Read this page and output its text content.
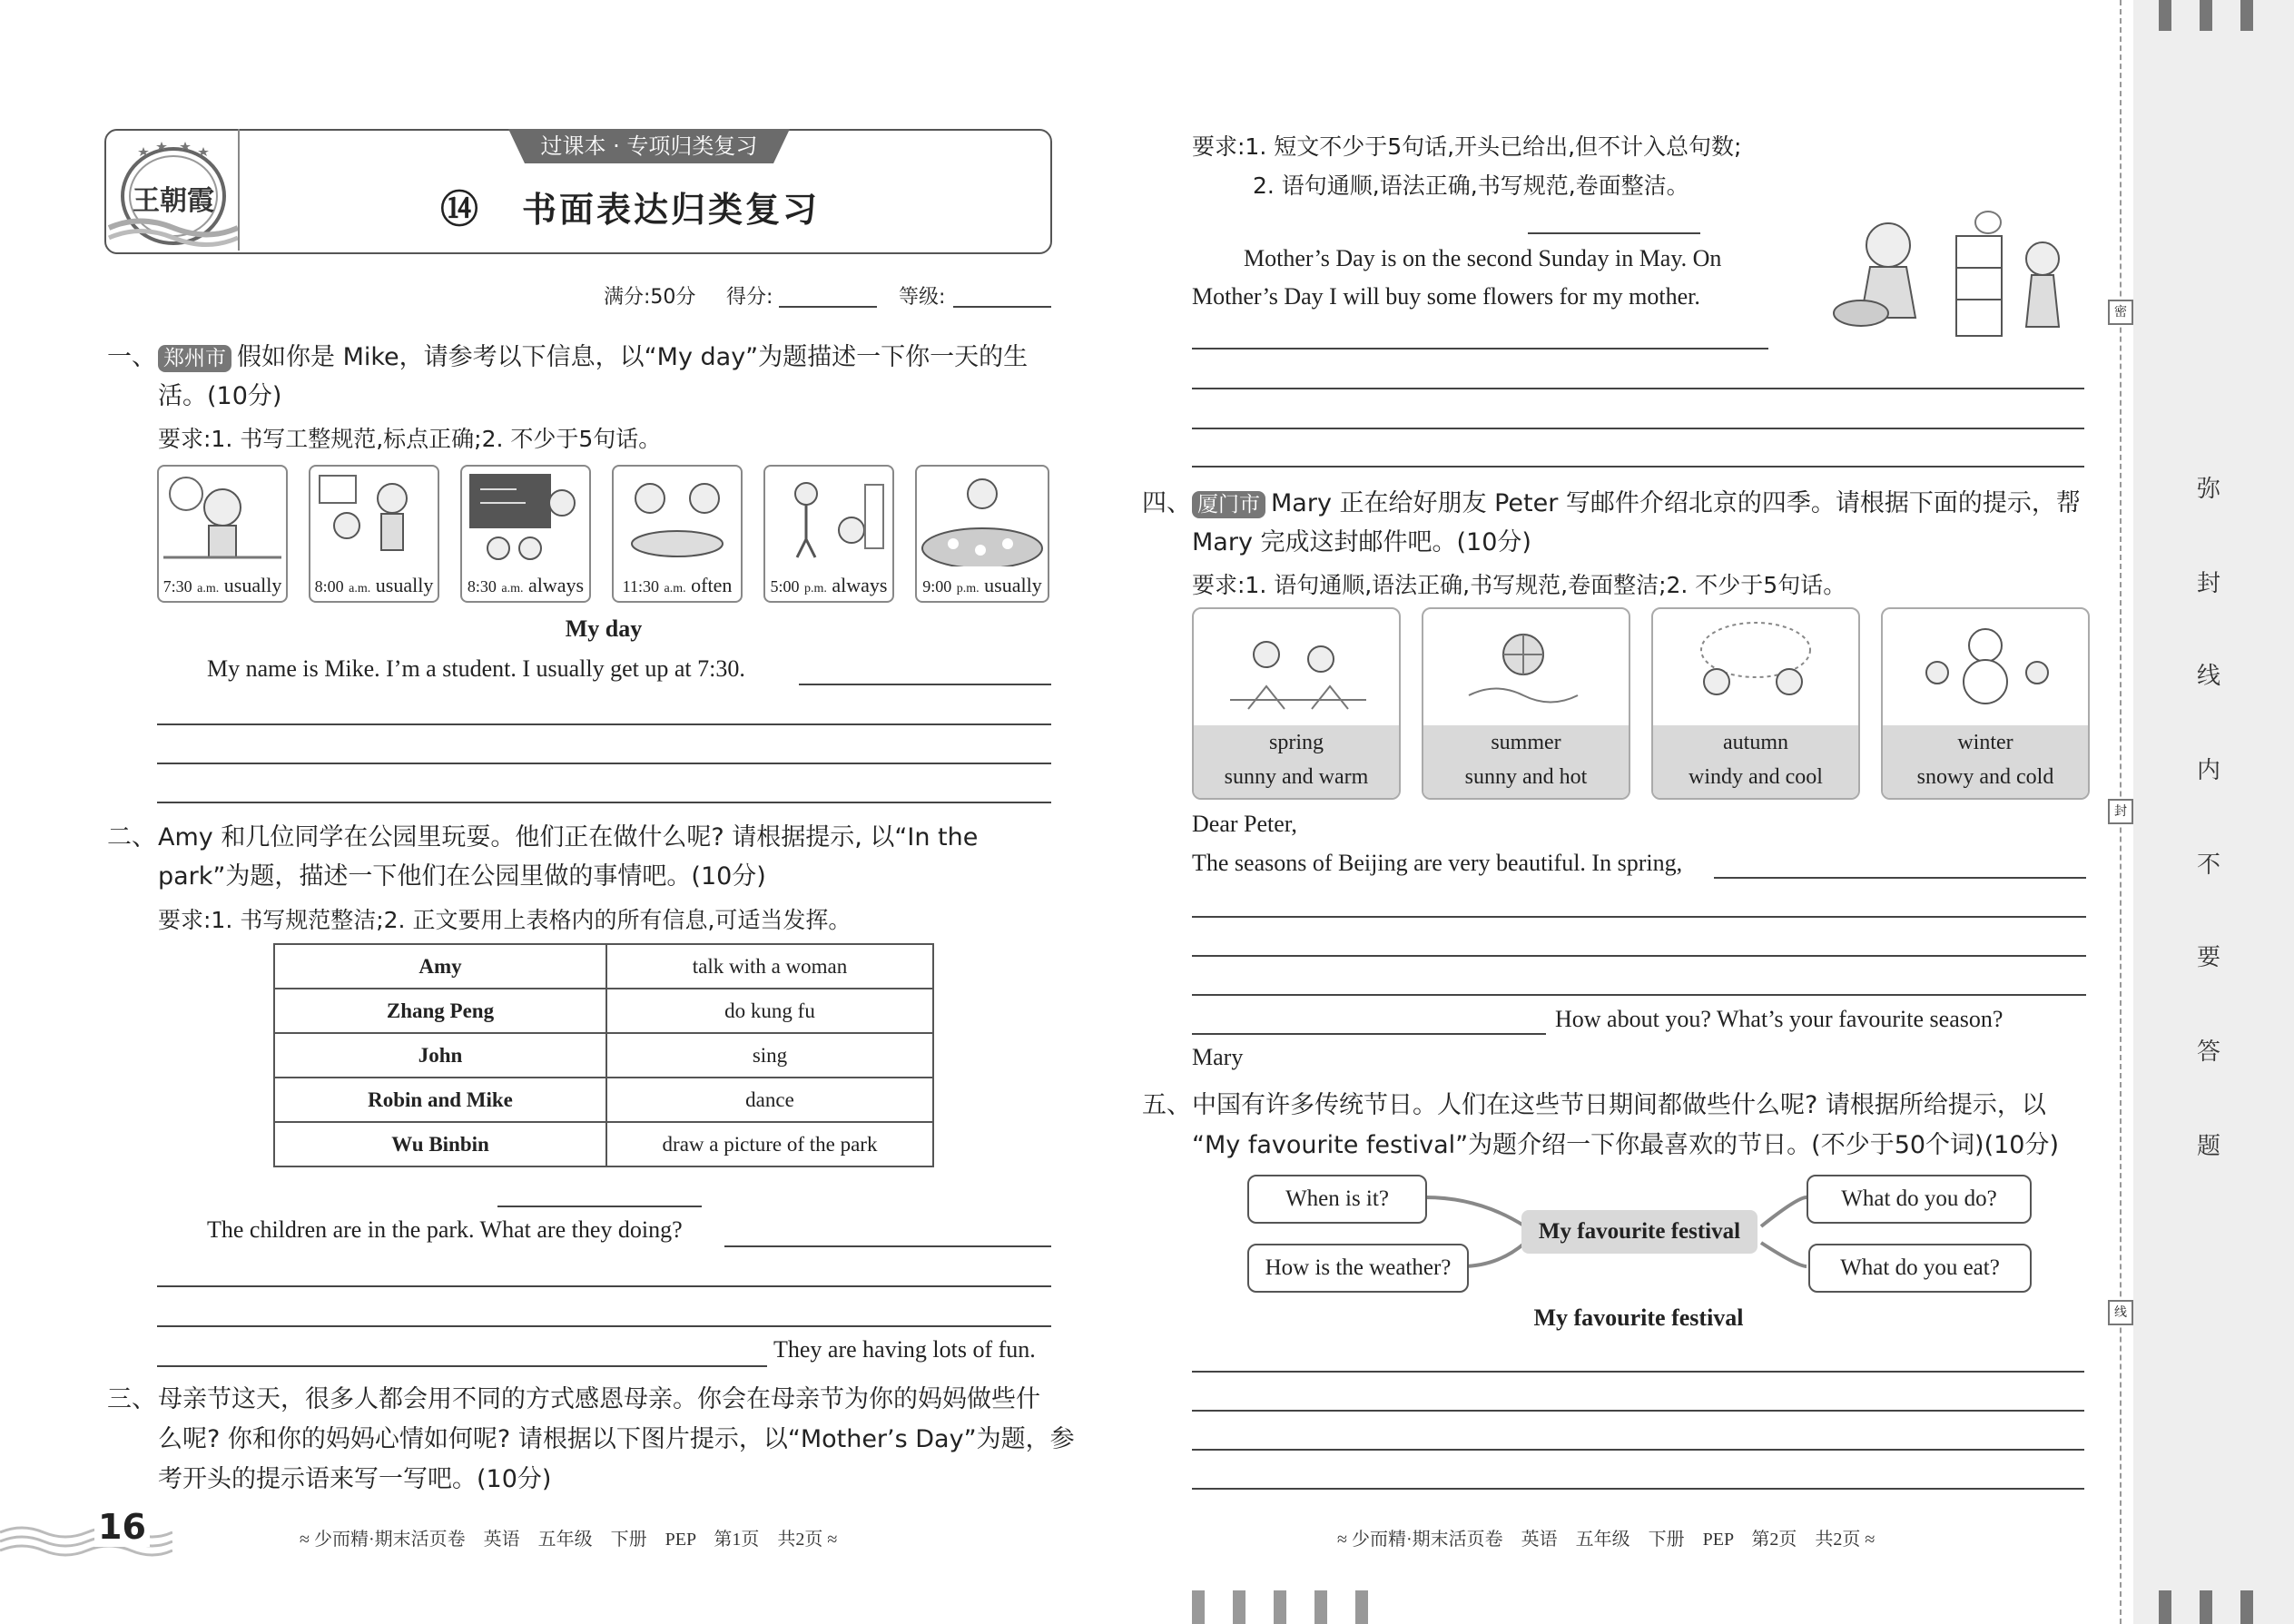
王朝霞
过课本 · 专项归类复习
⑭ 书面表达归类复习
满分:50分 得分:	等级:
一、 郑州市 假如你是 Mike，请参考以下信息，以“My day”为题描述一下你一天的生
活。(10分)
要求:1. 书写工整规范,标点正确;2. 不少于5句话。
7:30 a.m. usually 8:00 a.m. usually	8:30 a.m. always	11:30 a.m. often	5:00 p.m. always	9:00 p.m. usually
My day
My name is Mike. I’m a student. I usually get up at 7:30.
二、 Amy 和几位同学在公园里玩耍。他们正在做什么呢? 请根据提示, 以“In the
park”为题，描述一下他们在公园里做的事情吧。(10分)
要求:1. 书写规范整洁;2. 正文要用上表格内的所有信息,可适当发挥。
Amy	talk with a woman
Zhang Peng	do kung fu
John	sing
Robin and Mike	dance
Wu Binbin	draw a picture of the park
The children are in the park. What are they doing?
They are having lots of fun.
三、 母亲节这天，很多人都会用不同的方式感恩母亲。你会在母亲节为你的妈妈做些什
么呢? 你和你的妈妈心情如何呢? 请根据以下图片提示，以“Mother’s Day”为题，参
考开头的提示语来写一写吧。(10分)
16	≈ 少而精·期末活页卷　英语　五年级　下册　PEP　第1页　共2页 ≈
要求:1. 短文不少于5句话,开头已给出,但不计入总句数;
2. 语句通顺,语法正确,书写规范,卷面整洁。
Mother’s Day is on the second Sunday in May. On
Mother’s Day I will buy some flowers for my mother.
四、 厦门市 Mary 正在给好朋友 Peter 写邮件介绍北京的四季。请根据下面的提示，帮
Mary 完成这封邮件吧。(10分)
要求:1. 语句通顺,语法正确,书写规范,卷面整洁;2. 不少于5句话。
spring
sunny and warm
summer
sunny and hot
autumn
windy and cool
winter
snowy and cold
Dear Peter,
The seasons of Beijing are very beautiful. In spring,
How about you? What’s your favourite season?
Mary
五、 中国有许多传统节日。人们在这些节日期间都做些什么呢? 请根据所给提示，以
“My favourite festival”为题介绍一下你最喜欢的节日。(不少于50个词)(10分)
When is it?
How is the weather?
My favourite festival
What do you do?
What do you eat?
My favourite festival
≈ 少而精·期末活页卷　英语　五年级　下册　PEP　第2页　共2页 ≈
密
封
线
弥
封
线
内
不
要
答
题
